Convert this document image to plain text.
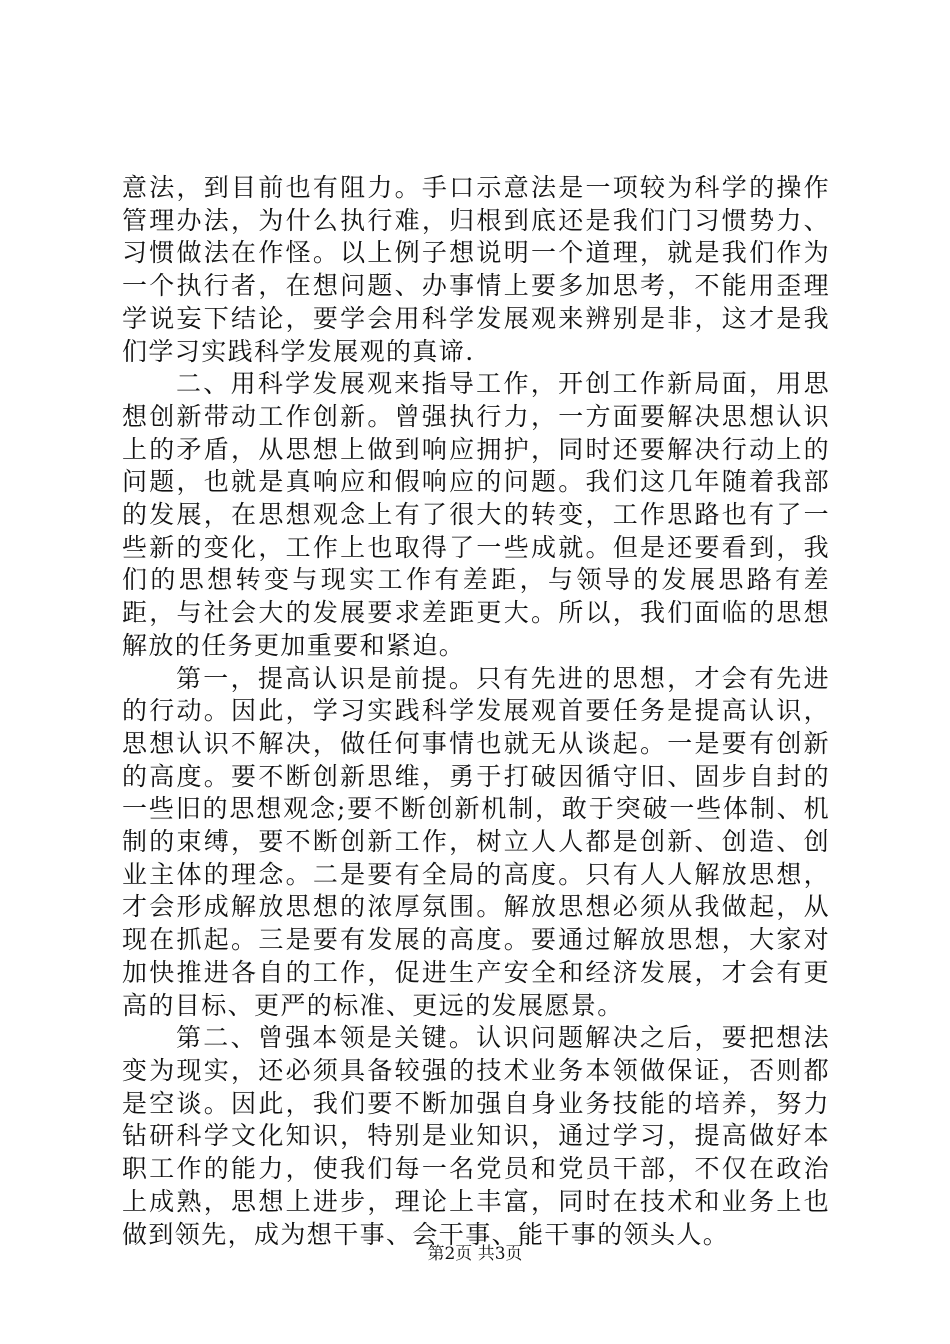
意法，到目前也有阻力。手口示意法是一项较为科学的操作管理办法，为什么执行难，归根到底还是我们门习惯势力、习惯做法在作怪。以上例子想说明一个道理，就是我们作为一个执行者，在想问题、办事情上要多加思考，不能用歪理学说妄下结论，要学会用科学发展观来辨别是非，这才是我们学习实践科学发展观的真谛.

二、用科学发展观来指导工作，开创工作新局面，用思想创新带动工作创新。曾强执行力，一方面要解决思想认识上的矛盾，从思想上做到响应拥护，同时还要解决行动上的问题，也就是真响应和假响应的问题。我们这几年随着我部的发展，在思想观念上有了很大的转变，工作思路也有了一些新的变化，工作上也取得了一些成就。但是还要看到，我们的思想转变与现实工作有差距，与领导的发展思路有差距，与社会大的发展要求差距更大。所以，我们面临的思想解放的任务更加重要和紧迫。

第一，提高认识是前提。只有先进的思想，才会有先进的行动。因此，学习实践科学发展观首要任务是提高认识，思想认识不解决，做任何事情也就无从谈起。一是要有创新的高度。要不断创新思维，勇于打破因循守旧、固步自封的一些旧的思想观念;要不断创新机制，敢于突破一些体制、机制的束缚，要不断创新工作，树立人人都是创新、创造、创业主体的理念。二是要有全局的高度。只有人人解放思想，才会形成解放思想的浓厚氛围。解放思想必须从我做起，从现在抓起。三是要有发展的高度。要通过解放思想，大家对加快推进各自的工作，促进生产安全和经济发展，才会有更高的目标、更严的标准、更远的发展愿景。

第二、曾强本领是关键。认识问题解决之后，要把想法变为现实，还必须具备较强的技术业务本领做保证，否则都是空谈。因此，我们要不断加强自身业务技能的培养，努力钻研科学文化知识，特别是业知识，通过学习，提高做好本职工作的能力，使我们每一名党员和党员干部，不仅在政治上成熟，思想上进步，理论上丰富，同时在技术和业务上也做到领先，成为想干事、会干事、能干事的领头人。

第2页 共3页
